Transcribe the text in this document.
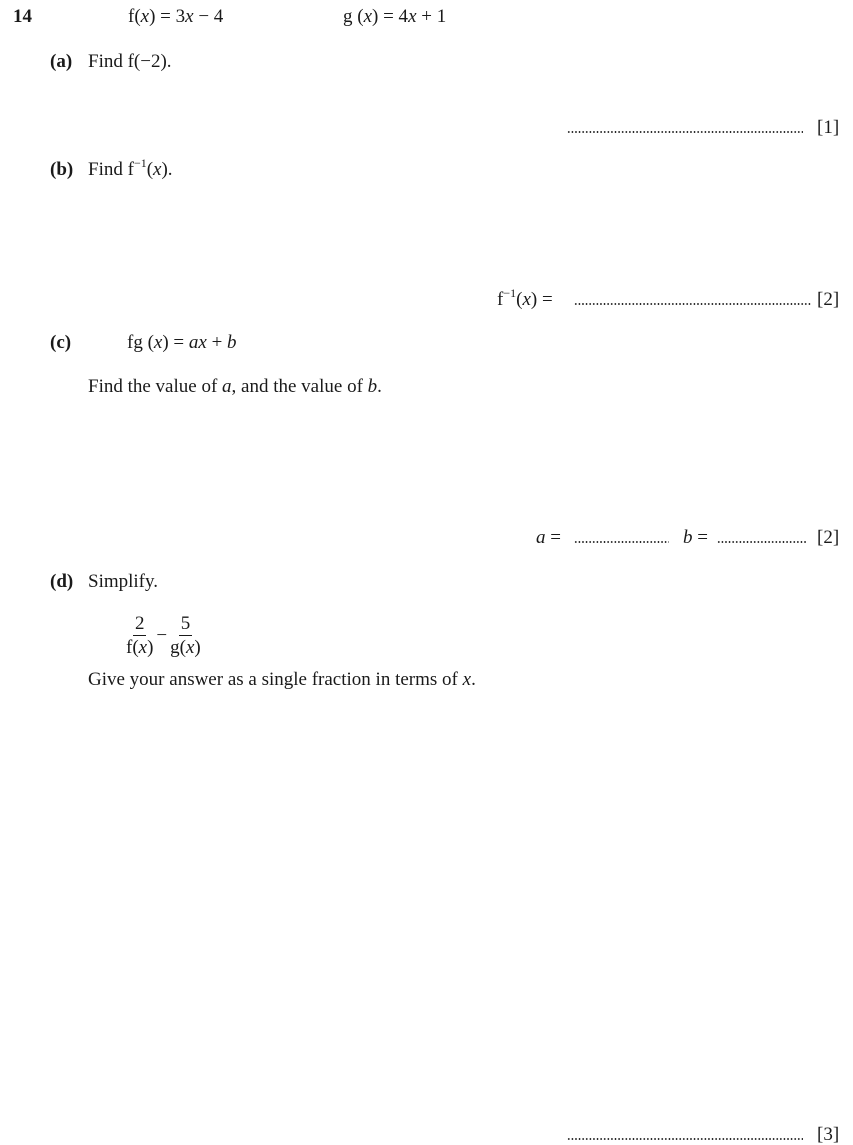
14	f(x) = 3x − 4	g (x) = 4x + 1
(a) Find f(−2).
[1]
(b) Find $f^{-1}(x)$.
$f^{-1}(x)$ =	[2]
(c)	fg (x) = ax + b
Find the value of a, and the value of b.
a =	b =	[2]
(d) Simplify.
$\frac{2}{f(x)} - \frac{5}{g(x)}$
Give your answer as a single fraction in terms of x.
[3]
